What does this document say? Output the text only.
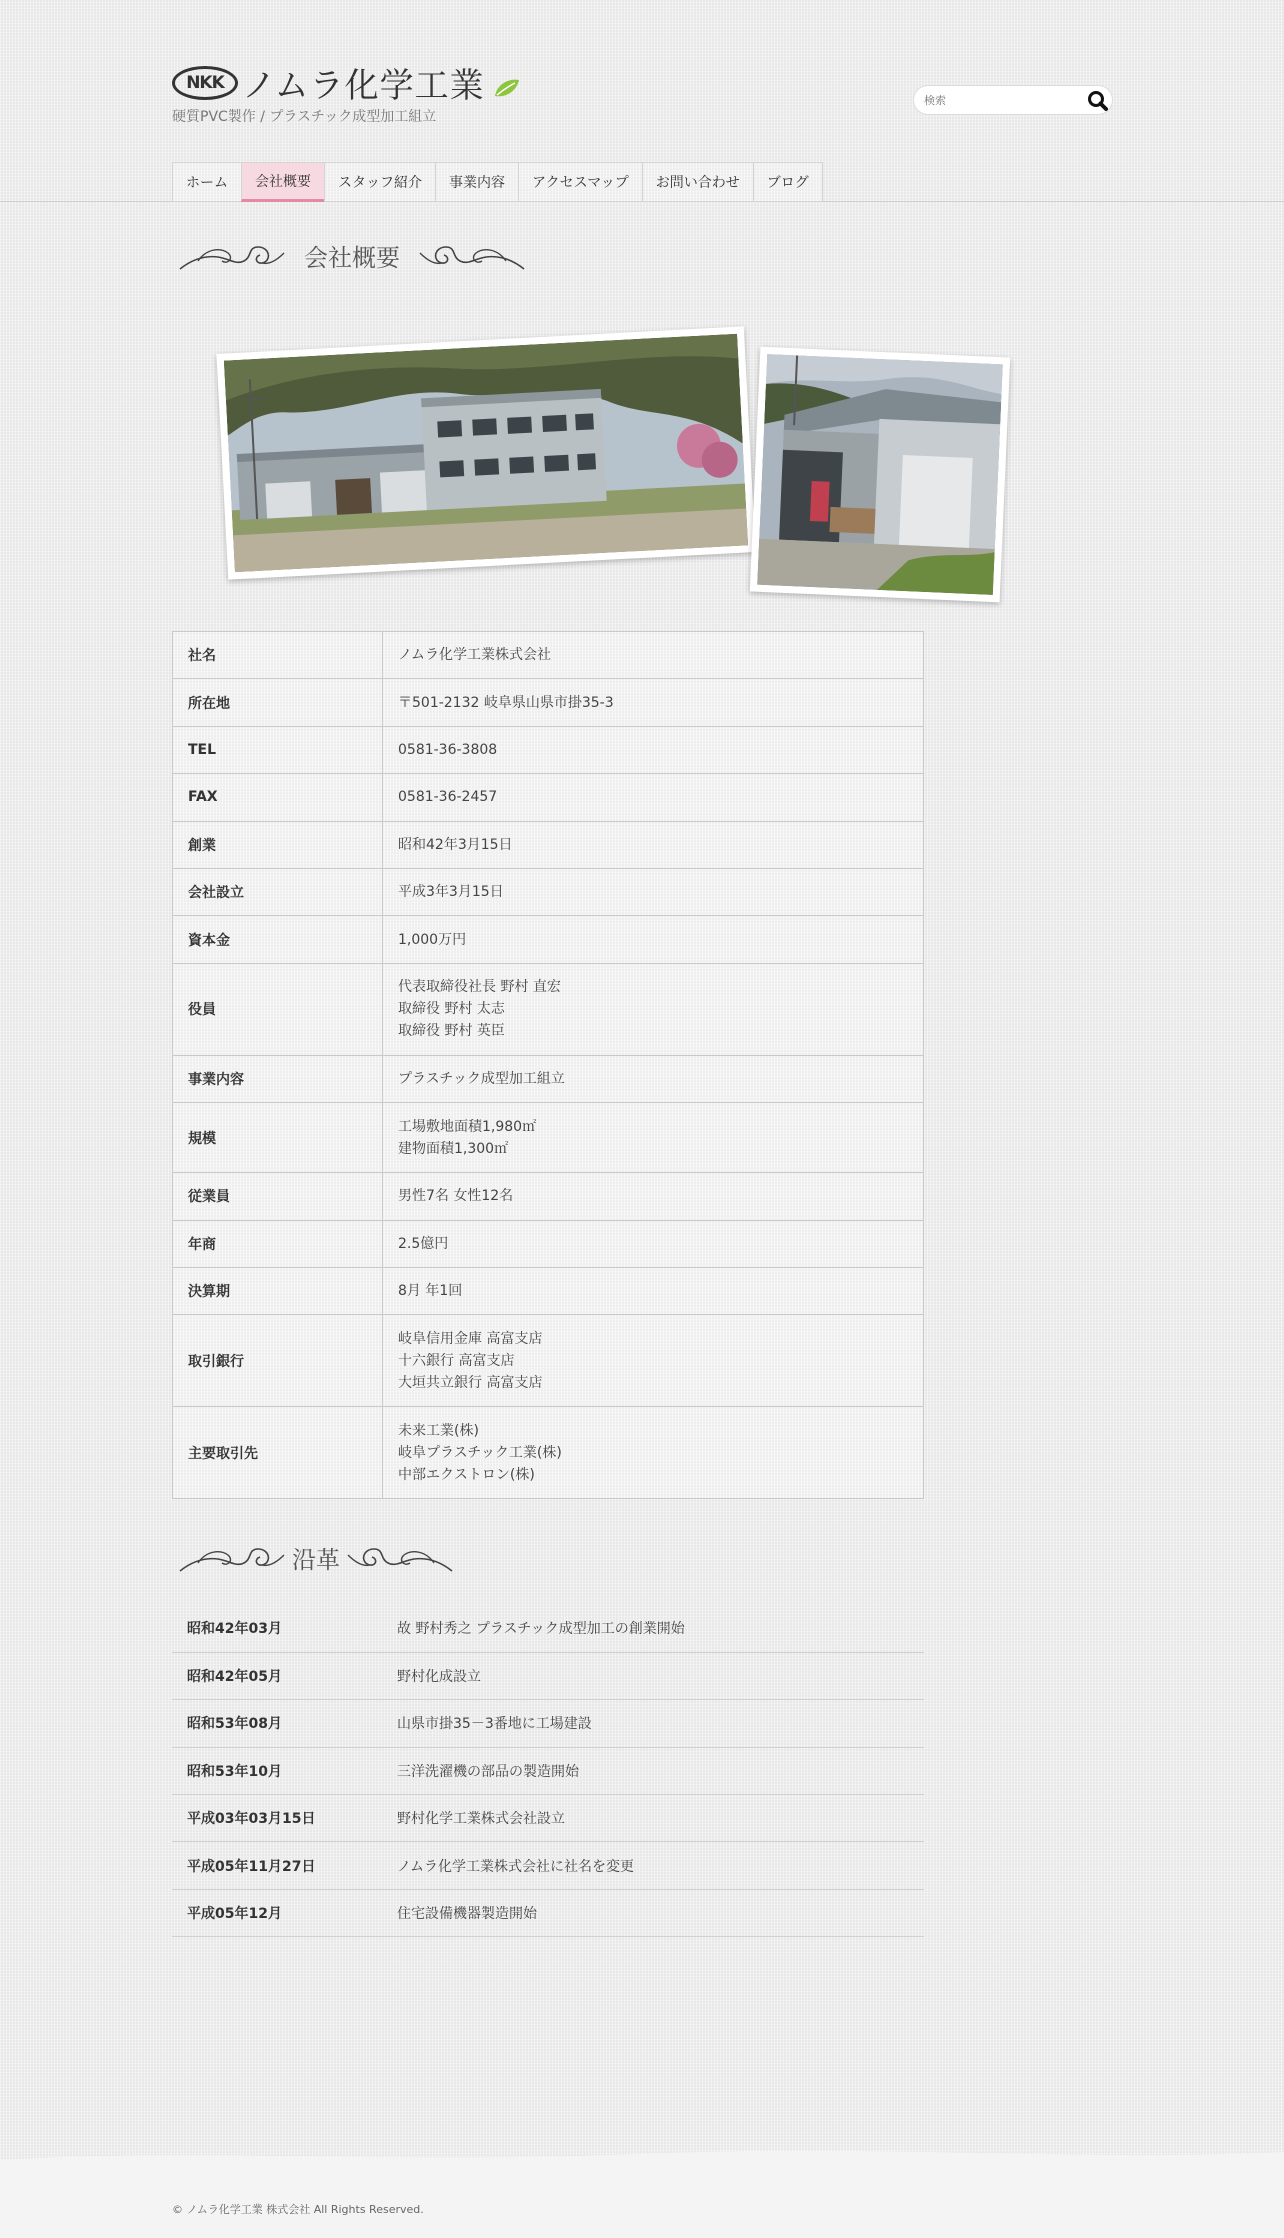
NKK ノムラ化学工業
硬質PVC製作 / プラスチック成型加工組立
検索
ホーム	会社概要	スタッフ紹介	事業内容	アクセスマップ	お問い合わせ	ブログ
会社概要
社名	ノムラ化学工業株式会社

所在地	〒501-2132 岐阜県山県市掛35-3

TEL	0581-36-3808

FAX	0581-36-2457

創業	昭和42年3月15日

会社設立	平成3年3月15日

資本金	1,000万円

役員	代表取締役社長 野村 直宏
取締役 野村 太志
取締役 野村 英臣

事業内容	プラスチック成型加工組立

規模	工場敷地面積1,980㎡
建物面積1,300㎡

従業員	男性7名 女性12名

年商	2.5億円

決算期	8月 年1回

取引銀行	岐阜信用金庫 高富支店
十六銀行 高富支店
大垣共立銀行 高富支店

主要取引先	未来工業(株)
岐阜プラスチック工業(株)
中部エクストロン(株)
沿革
昭和42年03月	故 野村秀之 プラスチック成型加工の創業開始
昭和42年05月	野村化成設立
昭和53年08月	山県市掛35－3番地に工場建設
昭和53年10月	三洋洗濯機の部品の製造開始
平成03年03月15日	野村化学工業株式会社設立
平成05年11月27日	ノムラ化学工業株式会社に社名を変更
平成05年12月	住宅設備機器製造開始
© ノムラ化学工業 株式会社 All Rights Reserved.
